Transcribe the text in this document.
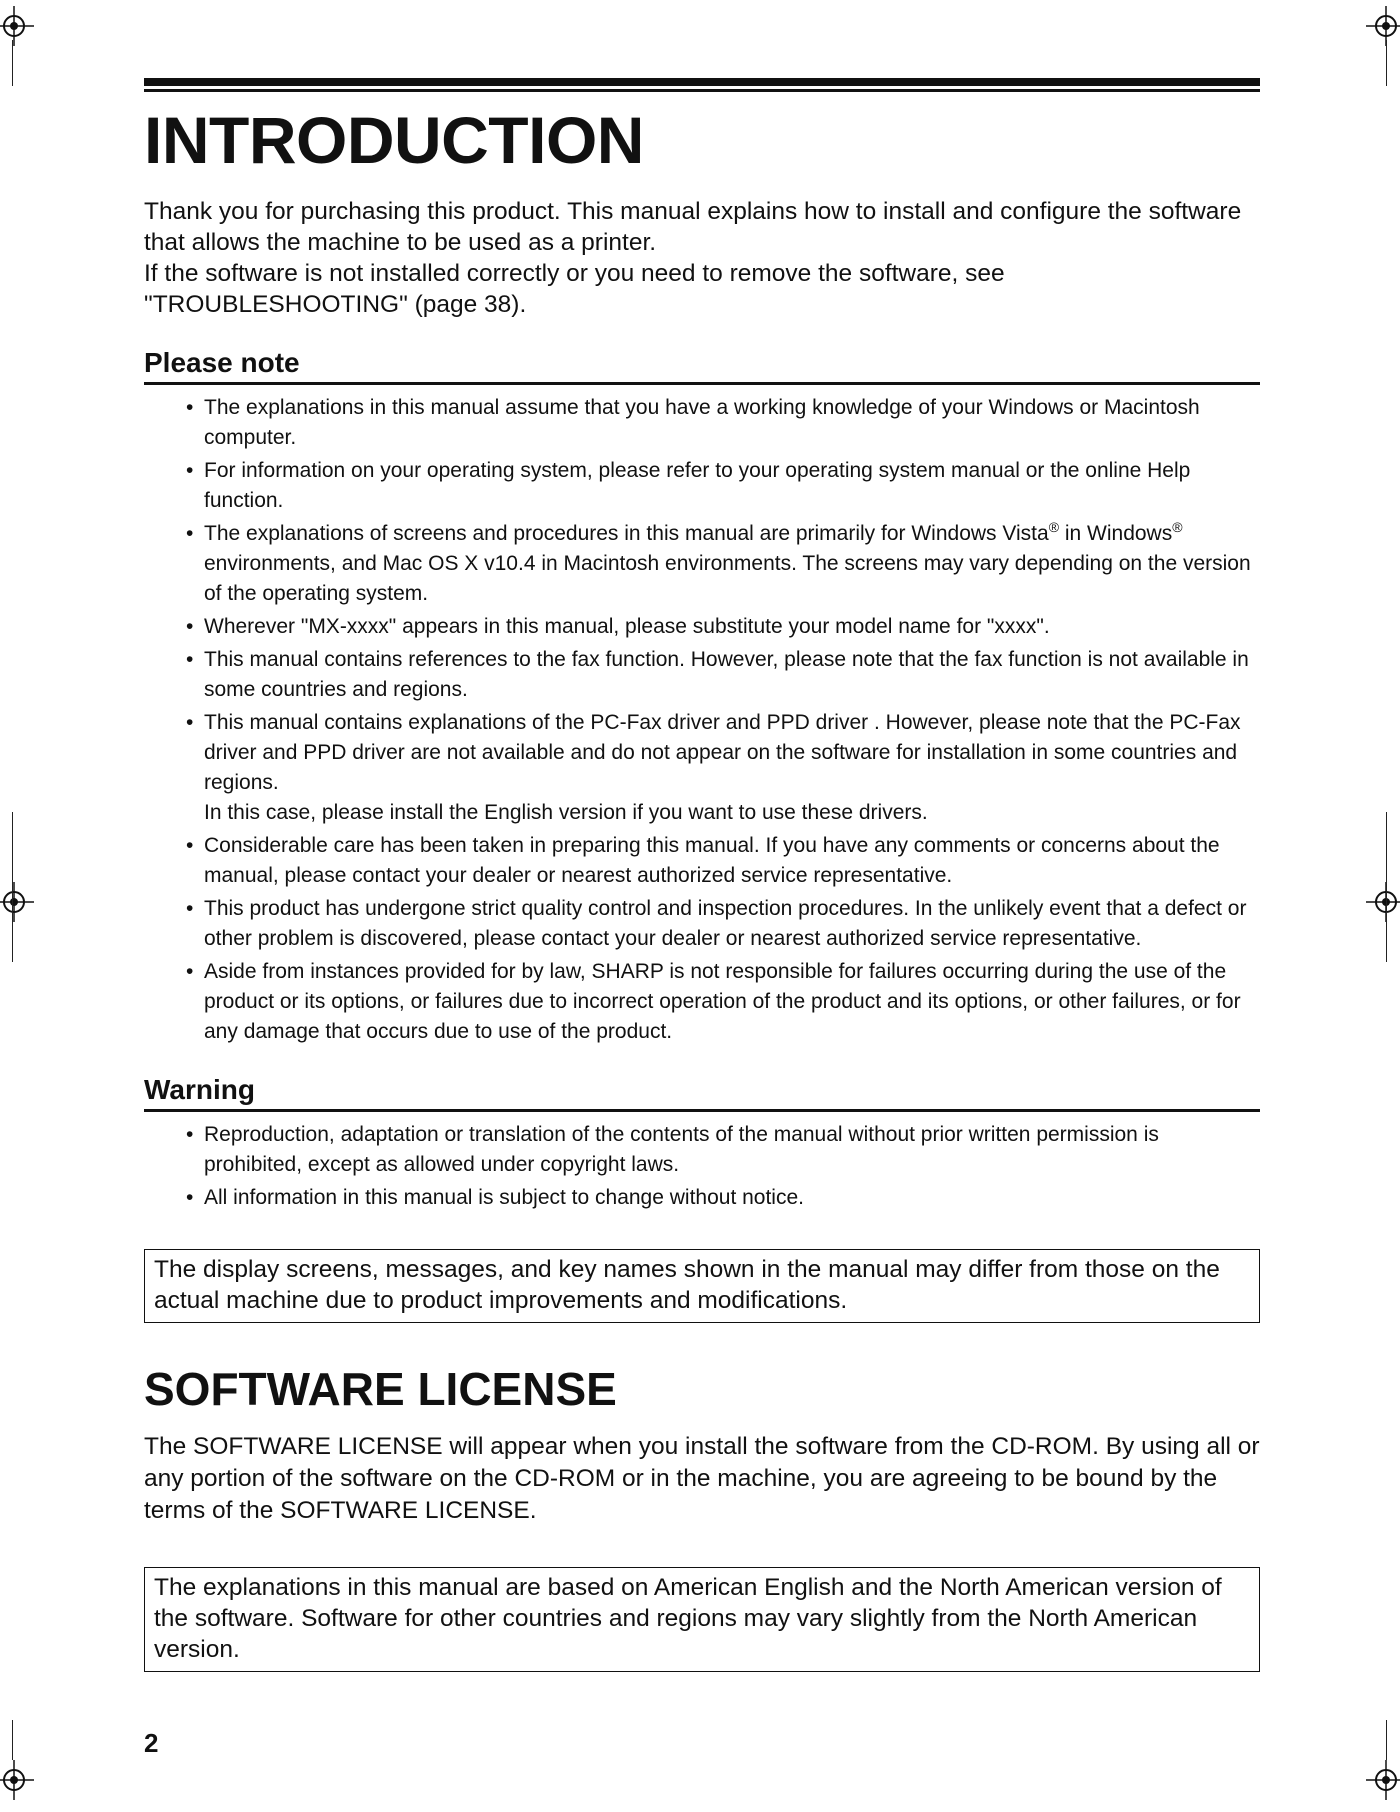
INTRODUCTION

Thank you for purchasing this product. This manual explains how to install and configure the software that allows the machine to be used as a printer.

If the software is not installed correctly or you need to remove the software, see "TROUBLESHOOTING" (page 38).

Please note
• The explanations in this manual assume that you have a working knowledge of your Windows or Macintosh computer.
• For information on your operating system, please refer to your operating system manual or the online Help function.
• The explanations of screens and procedures in this manual are primarily for Windows Vista® in Windows® environments, and Mac OS X v10.4 in Macintosh environments. The screens may vary depending on the version of the operating system.
• Wherever "MX-xxxx" appears in this manual, please substitute your model name for "xxxx".
• This manual contains references to the fax function. However, please note that the fax function is not available in some countries and regions.
• This manual contains explanations of the PC-Fax driver and PPD driver . However, please note that the PC-Fax driver and PPD driver are not available and do not appear on the software for installation in some countries and regions.
In this case, please install the English version if you want to use these drivers.
• Considerable care has been taken in preparing this manual. If you have any comments or concerns about the manual, please contact your dealer or nearest authorized service representative.
• This product has undergone strict quality control and inspection procedures. In the unlikely event that a defect or other problem is discovered, please contact your dealer or nearest authorized service representative.
• Aside from instances provided for by law, SHARP is not responsible for failures occurring during the use of the product or its options, or failures due to incorrect operation of the product and its options, or other failures, or for any damage that occurs due to use of the product.
Warning
• Reproduction, adaptation or translation of the contents of the manual without prior written permission is prohibited, except as allowed under copyright laws.
• All information in this manual is subject to change without notice.
The display screens, messages, and key names shown in the manual may differ from those on the actual machine due to product improvements and modifications.
SOFTWARE LICENSE
The SOFTWARE LICENSE will appear when you install the software from the CD-ROM. By using all or any portion of the software on the CD-ROM or in the machine, you are agreeing to be bound by the terms of the SOFTWARE LICENSE.
The explanations in this manual are based on American English and the North American version of the software. Software for other countries and regions may vary slightly from the North American version.
2
